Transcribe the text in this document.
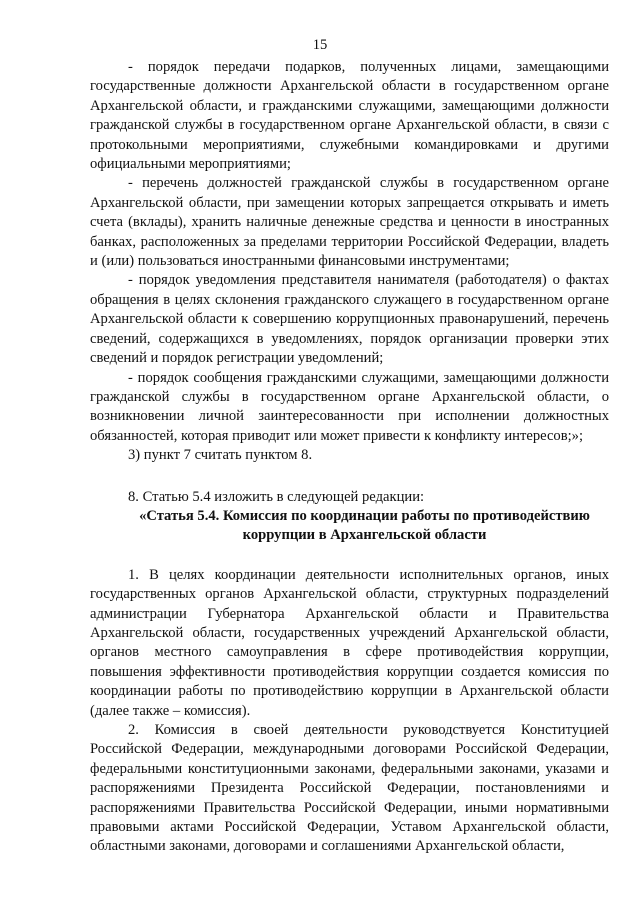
15

- порядок передачи подарков, полученных лицами, замещающими государственные должности Архангельской области в государственном органе Архангельской области, и гражданскими служащими, замещающими должности гражданской службы в государственном органе Архангельской области, в связи с протокольными мероприятиями, служебными командировками и другими официальными мероприятиями;

- перечень должностей гражданской службы в государственном органе Архангельской области, при замещении которых запрещается открывать и иметь счета (вклады), хранить наличные денежные средства и ценности в иностранных банках, расположенных за пределами территории Российской Федерации, владеть и (или) пользоваться иностранными финансовыми инструментами;

- порядок уведомления представителя нанимателя (работодателя) о фактах обращения в целях склонения гражданского служащего в государственном органе Архангельской области к совершению коррупционных правонарушений, перечень сведений, содержащихся в уведомлениях, порядок организации проверки этих сведений и порядок регистрации уведомлений;

- порядок сообщения гражданскими служащими, замещающими должности гражданской службы в государственном органе Архангельской области, о возникновении личной заинтересованности при исполнении должностных обязанностей, которая приводит или может привести к конфликту интересов;»;

3) пункт 7 считать пунктом 8.

8. Статью 5.4 изложить в следующей редакции:

«Статья 5.4. Комиссия по координации работы по противодействию
коррупции в Архангельской области

1. В целях координации деятельности исполнительных органов, иных государственных органов Архангельской области, структурных подразделений администрации Губернатора Архангельской области и Правительства Архангельской области, государственных учреждений Архангельской области, органов местного самоуправления в сфере противодействия коррупции, повышения эффективности противодействия коррупции создается комиссия по координации работы по противодействию коррупции в Архангельской области (далее также – комиссия).

2. Комиссия в своей деятельности руководствуется Конституцией Российской Федерации, международными договорами Российской Федерации, федеральными конституционными законами, федеральными законами, указами и распоряжениями Президента Российской Федерации, постановлениями и распоряжениями Правительства Российской Федерации, иными нормативными правовыми актами Российской Федерации, Уставом Архангельской области, областными законами, договорами и соглашениями Архангельской области,
